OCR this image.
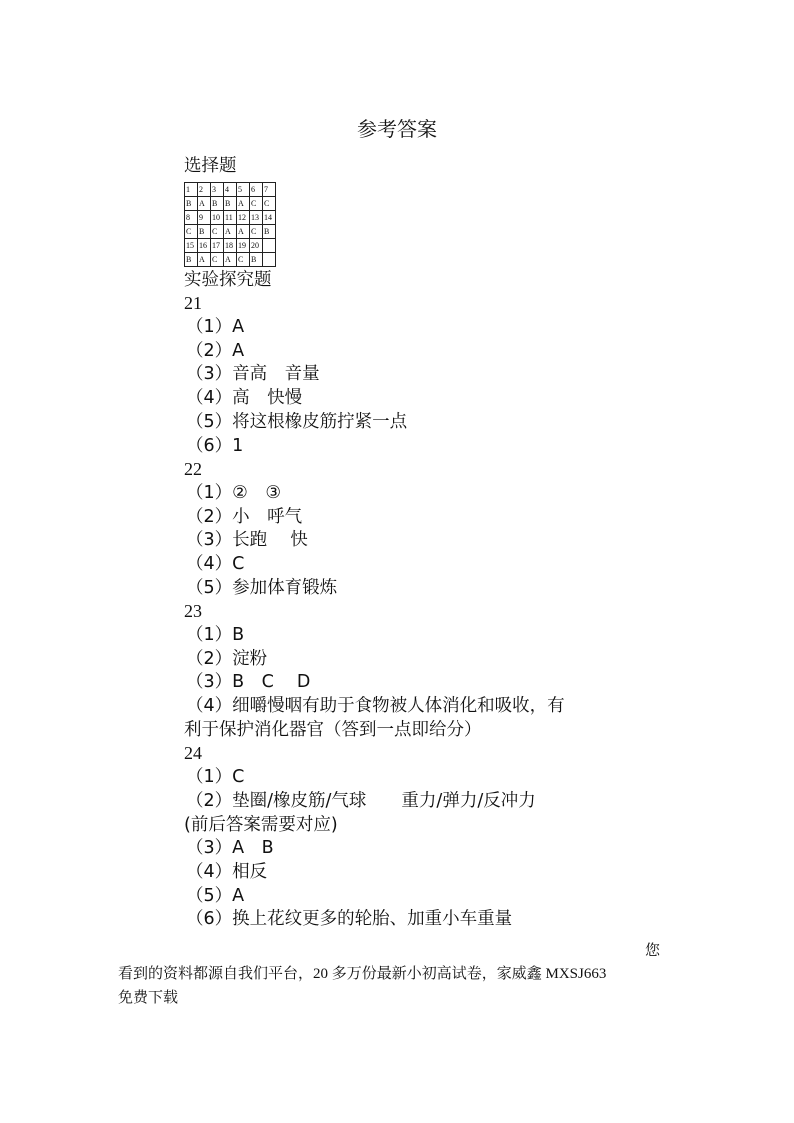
参考答案
选择题
1	2	3	4	5	6	7
B	A	B	B	A	C	C
8	9	10	11	12	13	14
C	B	C	A	A	C	B
15	16	17	18	19	20	
B	A	C	A	C	B	
实验探究题
21
（1）A
（2）A
（3）音高　音量
（4）高　快慢
（5）将这根橡皮筋拧紧一点
（6）1
22
（1）②　③
（2）小　呼气
（3）长跑　 快
（4）C
（5）参加体育锻炼
23
（1）B
（2）淀粉
（3）B　C　 D
（4）细嚼慢咽有助于食物被人体消化和吸收，有
利于保护消化器官（答到一点即给分）
24
（1）C
（2）垫圈/橡皮筋/气球　　重力/弹力/反冲力
(前后答案需要对应)
（3）A　B
（4）相反
（5）A
（6）换上花纹更多的轮胎、加重小车重量
您
看到的资料都源自我们平台，20 多万份最新小初高试卷，家威鑫 MXSJ663
免费下载
